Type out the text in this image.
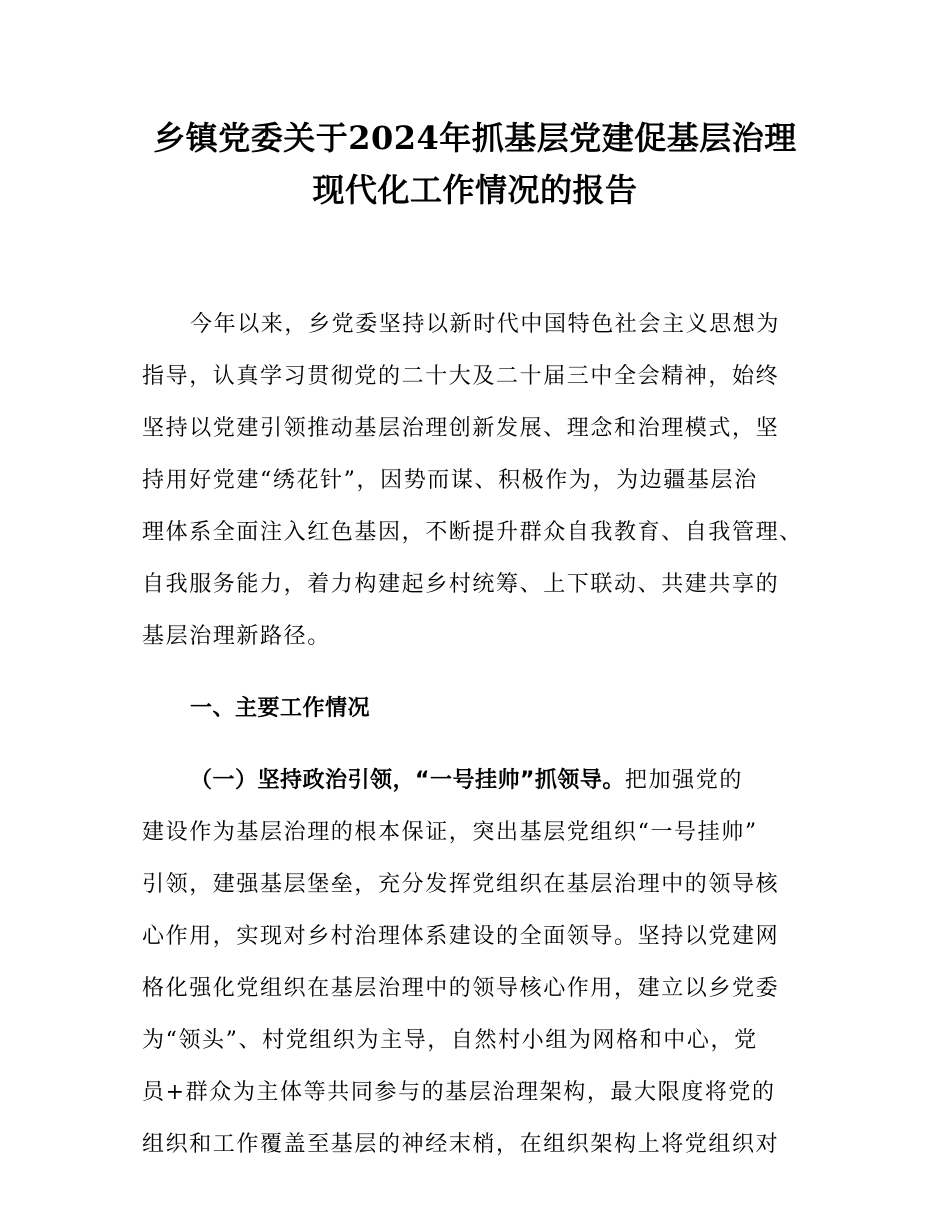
乡镇党委关于2024年抓基层党建促基层治理
现代化工作情况的报告
今年以来，乡党委坚持以新时代中国特色社会主义思想为
指导，认真学习贯彻党的二十大及二十届三中全会精神，始终
坚持以党建引领推动基层治理创新发展、理念和治理模式，坚
持用好党建“绣花针”，因势而谋、积极作为，为边疆基层治
理体系全面注入红色基因，不断提升群众自我教育、自我管理、
自我服务能力，着力构建起乡村统筹、上下联动、共建共享的
基层治理新路径。
一、主要工作情况
（一）坚持政治引领，“一号挂帅”抓领导。把加强党的
建设作为基层治理的根本保证，突出基层党组织“一号挂帅”
引领，建强基层堡垒，充分发挥党组织在基层治理中的领导核
心作用，实现对乡村治理体系建设的全面领导。坚持以党建网
格化强化党组织在基层治理中的领导核心作用，建立以乡党委
为“领头”、村党组织为主导，自然村小组为网格和中心，党
员+群众为主体等共同参与的基层治理架构，最大限度将党的
组织和工作覆盖至基层的神经末梢，在组织架构上将党组织对
